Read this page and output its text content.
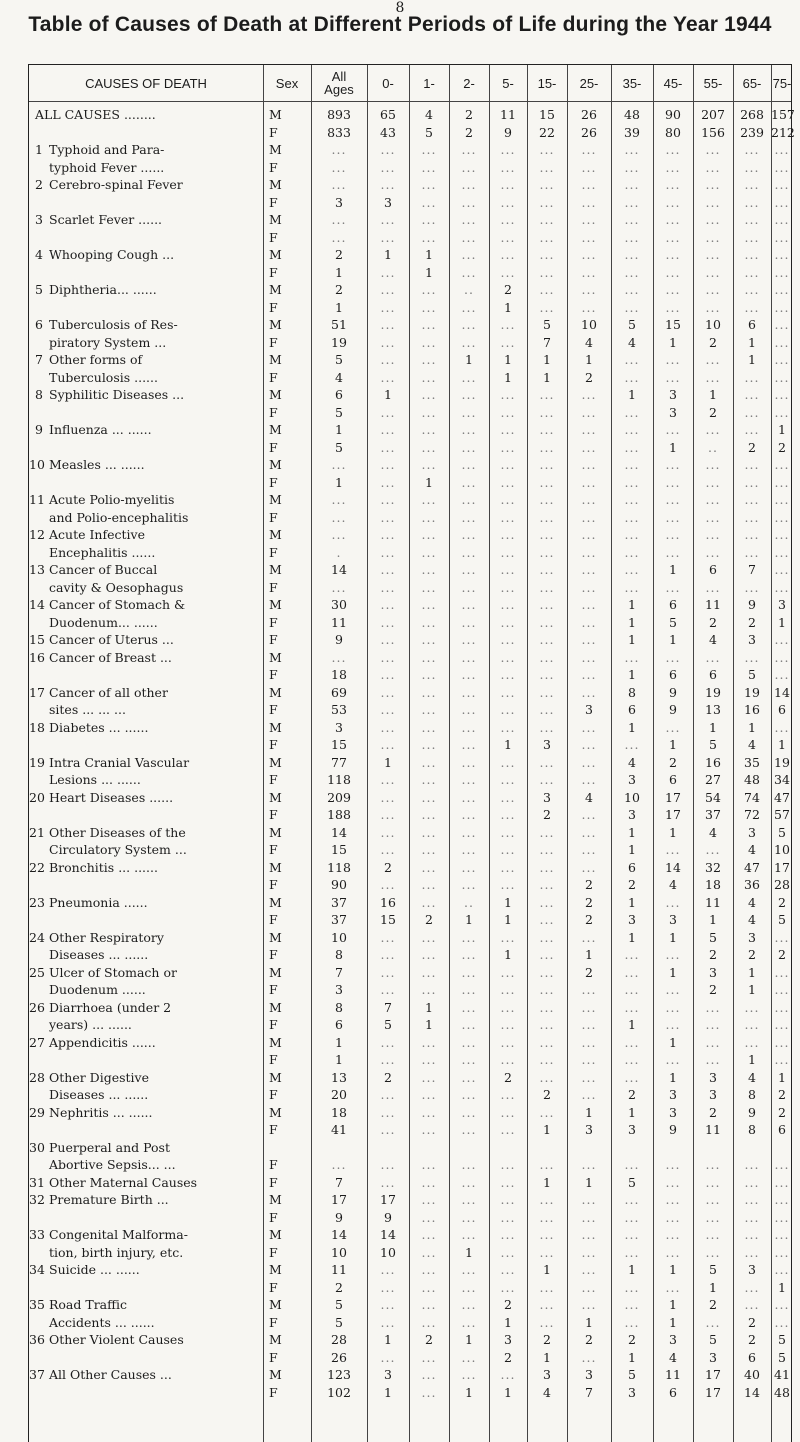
8
Table of Causes of Death at Different Periods of Life during the Year 1944
CAUSES OF DEATH	Sex	All Ages	0-	1-	2-	5-	15-	25-	35-	45-	55-	65- 75-
ALL CAUSES ........	M	893	65	4	2	11	15	26	48	90	207	268 157
F	833	43	5	2	9	22	26	39	80	156	239 212
1 Typhoid and Para-	M	...	...	...	...	...	...	...	...	...	...	...	...
typhoid Fever ......	F	...	...	...	...	...	...	...	...	...	...	...	...
2 Cerebro-spinal Fever	M	...	...	...	...	...	...	...	...	...	...	...	...
F	3	3	...	...	...	...	...	...	...	...	...	...
3 Scarlet Fever ......	M	...	...	...	...	...	...	...	...	...	...	...	...
F	...	...	...	...	...	...	...	...	...	...	...	...
4 Whooping Cough ...	M	2	1	1	...	...	...	...	...	...	...	...	...
F	1	...	1	...	...	...	...	...	...	...	...	...
5 Diphtheria... ......	M	2	...	...	..	2	...	...	...	...	...	...	...
F	1	...	...	...	1	...	...	...	...	...	...	...
6 Tuberculosis of Res-	M	51	...	...	...	...	5	10	5	15	10	6	...
piratory System ...	F	19	...	...	...	...	7	4	4	1	2	1	...
7 Other forms of	M	5	...	...	1	1	1	1	...	...	...	1	...
Tuberculosis ......	F	4	...	...	...	1	1	2	...	...	...	...	...
8 Syphilitic Diseases ...	M	6	1	...	...	...	...	...	1	3	1	...	...
F	5	...	...	...	...	...	...	...	3	2	...	...
9 Influenza ... ......	M	1	...	...	...	...	...	...	...	...	...	...	1
F	5	...	...	...	...	...	...	...	1	..	2	2
10 Measles ... ......	M	...	...	...	...	...	...	...	...	...	...	...	...
F	1	...	1	...	...	...	...	...	...	...	...	...
11 Acute Polio-myelitis	M	...	...	...	...	...	...	...	...	...	...	...	...
and Polio-encephalitis	F	...	...	...	...	...	...	...	...	...	...	...	...
12 Acute Infective	M	...	...	...	...	...	...	...	...	...	...	...	...
Encephalitis ......	F	.	...	...	...	...	...	...	...	...	...	...	...
13 Cancer of Buccal	M	14	...	...	...	...	...	...	...	1	6	7	...
cavity & Oesophagus	F	...	...	...	...	...	...	...	...	...	...	...	...
14 Cancer of Stomach &	M	30	...	...	...	...	...	...	1	6	11	9	3
Duodenum... ......	F	11	...	...	...	...	...	...	1	5	2	2	1
15 Cancer of Uterus ...	F	9	...	...	...	...	...	...	1	1	4	3	...
16 Cancer of Breast ...	M	...	...	...	...	...	...	...	...	...	...	...	...
F	18	...	...	...	...	...	...	1	6	6	5	...
17 Cancer of all other	M	69	...	...	...	...	...	...	8	9	19	19	14
sites ... ... ...	F	53	...	...	...	...	...	3	6	9	13	16	6
18 Diabetes ... ......	M	3	...	...	...	...	...	...	1	...	1	1	...
F	15	...	...	...	1	3	...	...	1	5	4	1
19 Intra Cranial Vascular	M	77	1	...	...	...	...	...	4	2	16	35	19
Lesions ... ......	F	118	...	...	...	...	...	...	3	6	27	48	34
20 Heart Diseases ......	M	209	...	...	...	...	3	4	10	17	54	74	47
F	188	...	...	...	...	2	...	3	17	37	72	57
21 Other Diseases of the	M	14	...	...	...	...	...	...	1	1	4	3	5
Circulatory System ...	F	15	...	...	...	...	...	...	1	...	...	4	10
22 Bronchitis ... ......	M	118	2	...	...	...	...	...	6	14	32	47	17
F	90	...	...	...	...	...	2	2	4	18	36	28
23 Pneumonia ......	M	37	16	...	..	1	...	2	1	...	11	4	2
F	37	15	2	1	1	...	2	3	3	1	4	5
24 Other Respiratory	M	10	...	...	...	...	...	...	1	1	5	3	...
Diseases ... ......	F	8	...	...	...	1	...	1	...	...	2	2	2
25 Ulcer of Stomach or	M	7	...	...	...	...	...	2	...	1	3	1	...
Duodenum ......	F	3	...	...	...	...	...	...	...	...	2	1	...
26 Diarrhoea (under 2	M	8	7	1	...	...	...	...	...	...	...	...	...
years) ... ......	F	6	5	1	...	...	...	...	1	...	...	...	...
27 Appendicitis ......	M	1	...	...	...	...	...	...	...	1	...	...	...
F	1	...	...	...	...	...	...	...	...	...	1	...
28 Other Digestive	M	13	2	...	...	2	...	...	...	1	3	4	1
Diseases ... ......	F	20	...	...	...	...	2	...	2	3	3	8	2
29 Nephritis ... ......	M	18	...	...	...	...	...	1	1	3	2	9	2
F	41	...	...	...	...	1	3	3	9	11	8	6
30 Puerperal and Post
Abortive Sepsis... ...	F	...	...	...	...	...	...	...	...	...	...	...	...
31 Other Maternal Causes	F	7	...	...	...	...	1	1	5	...	...	...	...
32 Premature Birth ...	M	17	17	...	...	...	...	...	...	...	...	...	...
F	9	9	...	...	...	...	...	...	...	...	...	...
33 Congenital Malforma-	M	14	14	...	...	...	...	...	...	...	...	...	...
tion, birth injury, etc.	F	10	10	...	1	...	...	...	...	...	...	...	...
34 Suicide ... ......	M	11	...	...	...	...	1	...	1	1	5	3	...
F	2	...	...	...	...	...	...	...	...	1	...	1
35 Road Traffic	M	5	...	...	...	2	...	...	...	1	2	...	...
Accidents ... ......	F	5	...	...	...	1	...	1	...	1	...	2	...
36 Other Violent Causes	M	28	1	2	1	3	2	2	2	3	5	2	5
F	26	...	...	...	2	1	...	1	4	3	6	5
37 All Other Causes ...	M	123	3	...	...	...	3	3	5	11	17	40	41
F	102	1	...	1	1	4	7	3	6	17	14	48
